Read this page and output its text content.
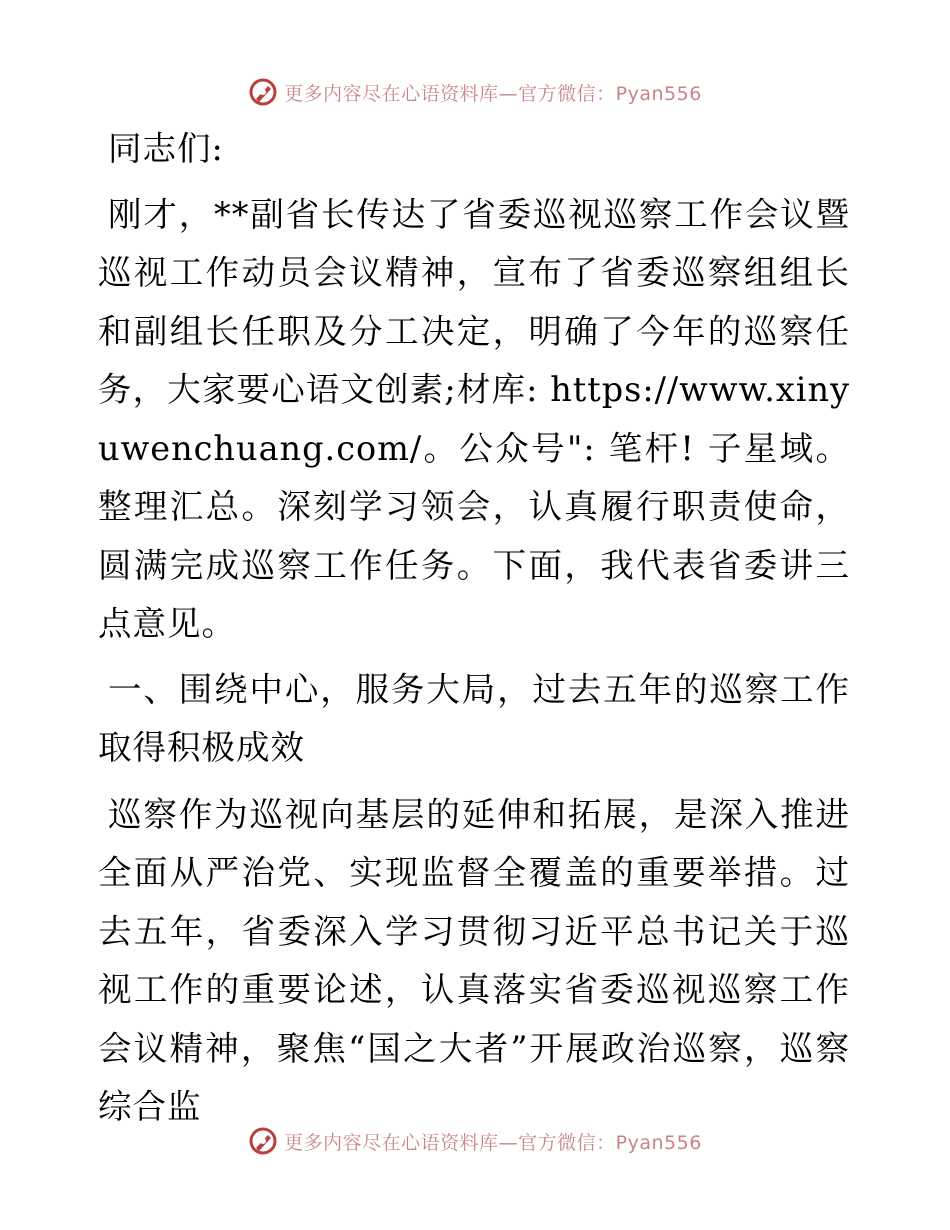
更多内容尽在心语资料库—官方微信：Pyan556

同志们:

刚才，**副省长传达了省委巡视巡察工作会议暨巡视工作动员会议精神，宣布了省委巡察组组长和副组长任职及分工决定，明确了今年的巡察任务，大家要心语文创素;材库: https://www.xinyuwenchuang.com/。公众号": 笔杆! 子星域。整理汇总。深刻学习领会，认真履行职责使命，圆满完成巡察工作任务。下面，我代表省委讲三点意见。

一、围绕中心，服务大局，过去五年的巡察工作取得积极成效

巡察作为巡视向基层的延伸和拓展，是深入推进全面从严治党、实现监督全覆盖的重要举措。过去五年，省委深入学习贯彻习近平总书记关于巡视工作的重要论述，认真落实省委巡视巡察工作会议精神，聚焦“国之大者”开展政治巡察，巡察综合监

更多内容尽在心语资料库—官方微信：Pyan556
